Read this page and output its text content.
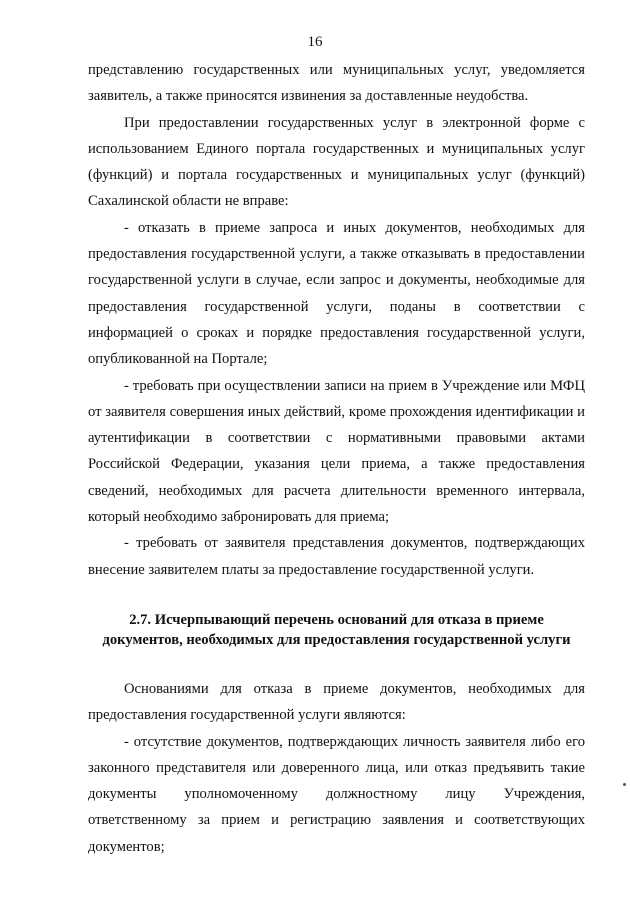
16

представлению государственных или муниципальных услуг, уведомляется заявитель, а также приносятся извинения за доставленные неудобства.

При предоставлении государственных услуг в электронной форме с использованием Единого портала государственных и муниципальных услуг (функций) и портала государственных и муниципальных услуг (функций) Сахалинской области не вправе:

- отказать в приеме запроса и иных документов, необходимых для предоставления государственной услуги, а также отказывать в предоставлении государственной услуги в случае, если запрос и документы, необходимые для предоставления государственной услуги, поданы в соответствии с информацией о сроках и порядке предоставления государственной услуги, опубликованной на Портале;

- требовать при осуществлении записи на прием в Учреждение или МФЦ от заявителя совершения иных действий, кроме прохождения идентификации и аутентификации в соответствии с нормативными правовыми актами Российской Федерации, указания цели приема, а также предоставления сведений, необходимых для расчета длительности временного интервала, который необходимо забронировать для приема;

- требовать от заявителя представления документов, подтверждающих внесение заявителем платы за предоставление государственной услуги.

2.7. Исчерпывающий перечень оснований для отказа в приеме
документов, необходимых для предоставления государственной услуги

Основаниями для отказа в приеме документов, необходимых для предоставления государственной услуги являются:

- отсутствие документов, подтверждающих личность заявителя либо его законного представителя или доверенного лица, или отказ предъявить такие документы уполномоченному должностному лицу Учреждения, ответственному за прием и регистрацию заявления и соответствующих документов;
